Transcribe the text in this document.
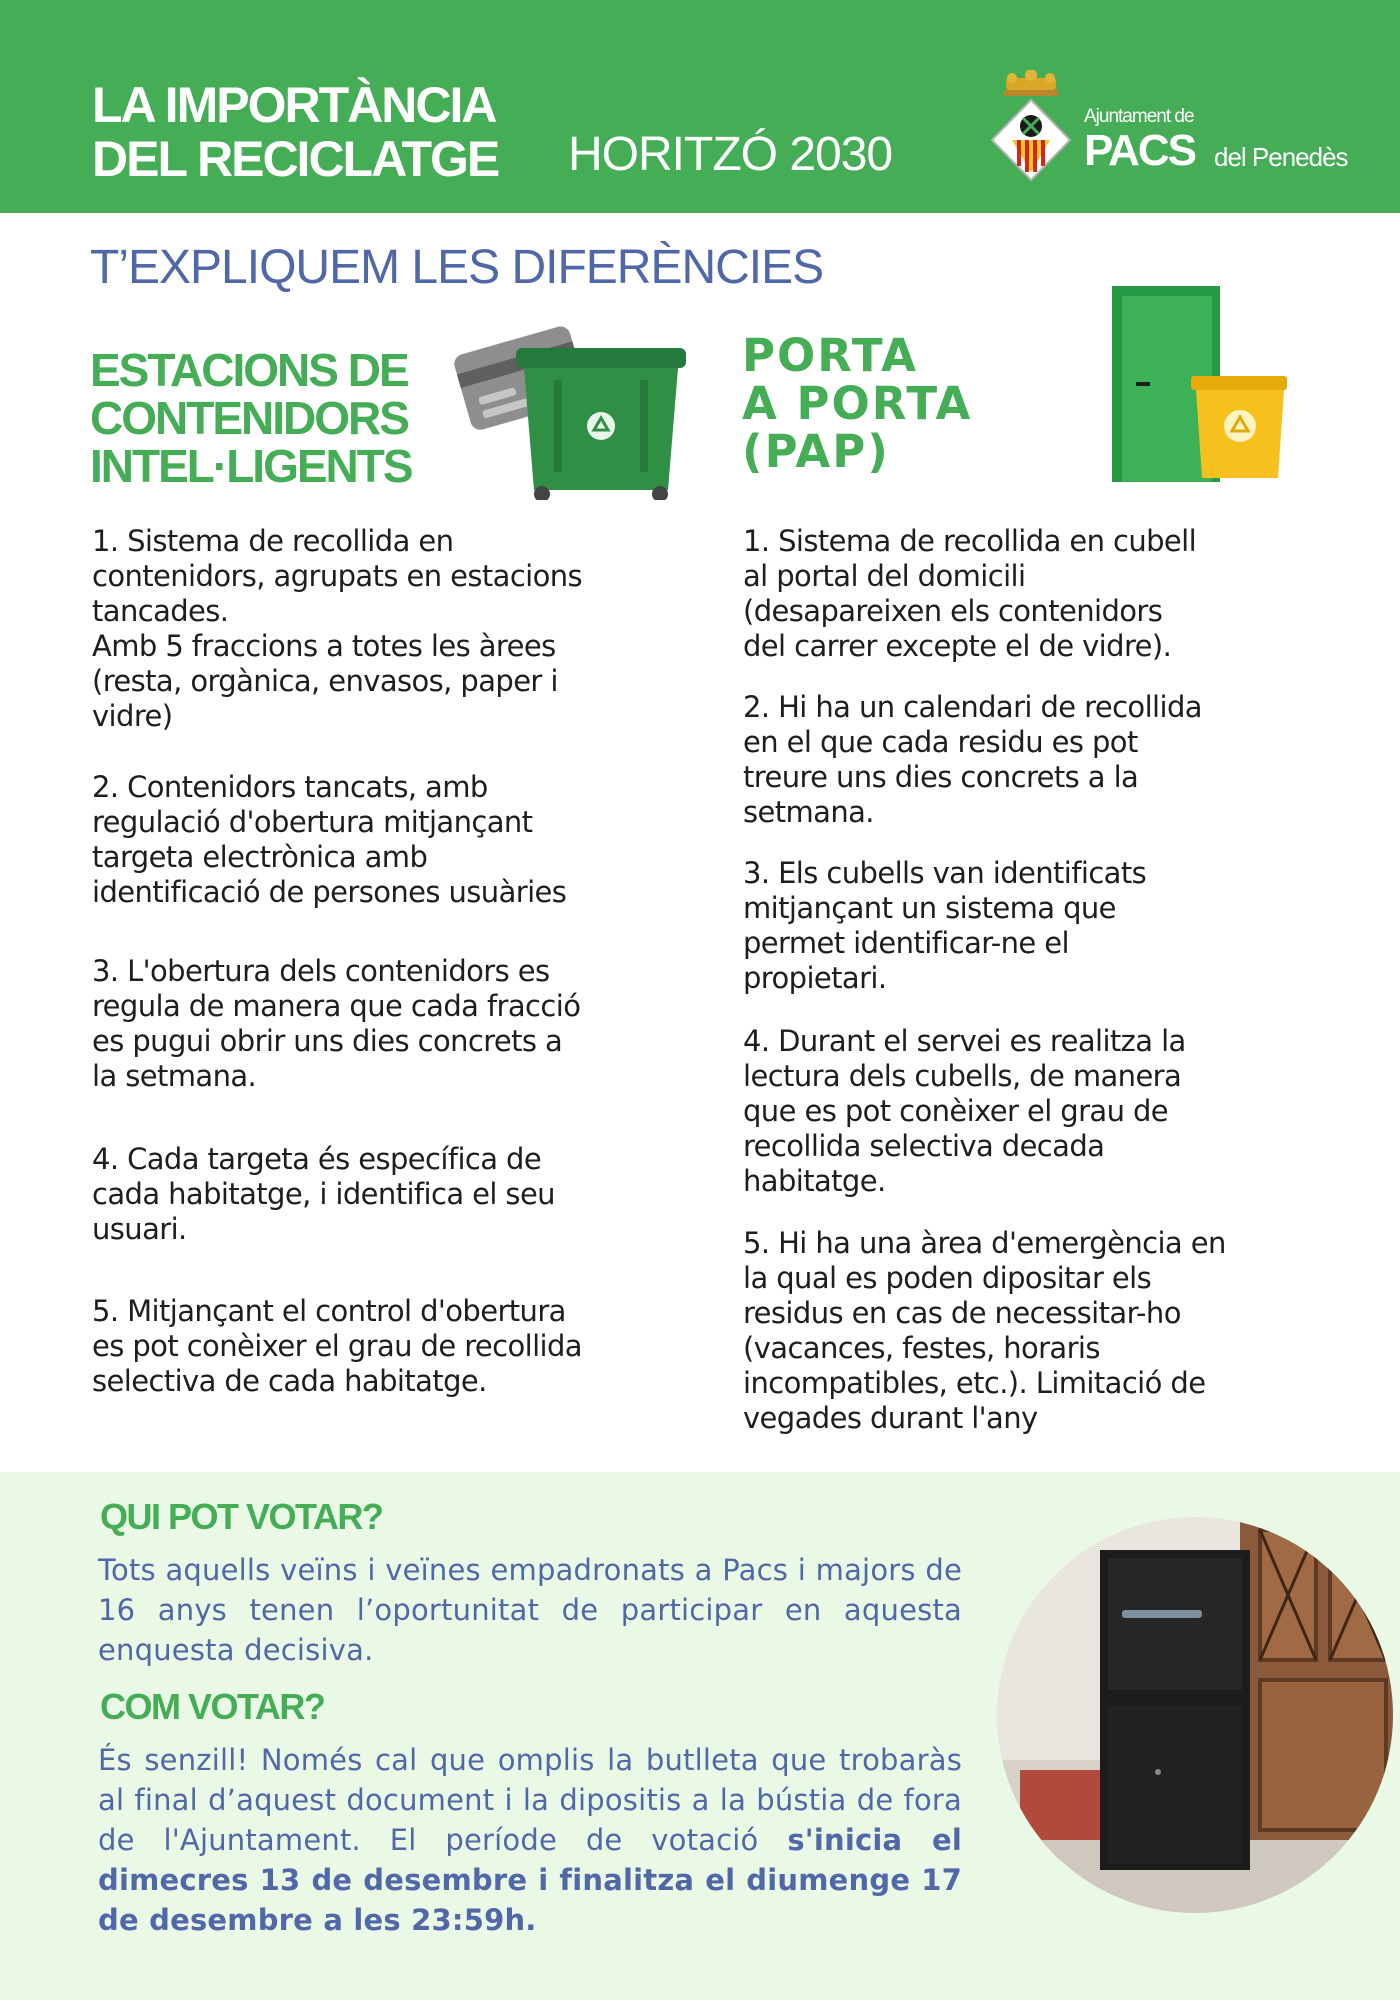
LA IMPORTÀNCIA
DEL RECICLATGE HORITZÓ 2030
Ajuntament de
PACS del Penedès
T’EXPLIQUEM LES DIFERÈNCIES
ESTACIONS DE
CONTENIDORS
INTEL·LIGENTS
PORTA
A PORTA
(PAP)

1. Sistema de recollida en
contenidors, agrupats en estacions
tancades.
Amb 5 fraccions a totes les àrees
(resta, orgànica, envasos, paper i
vidre)

2. Contenidors tancats, amb
regulació d'obertura mitjançant
targeta electrònica amb
identificació de persones usuàries

3. L'obertura dels contenidors es
regula de manera que cada fracció
es pugui obrir uns dies concrets a
la setmana.

4. Cada targeta és específica de
cada habitatge, i identifica el seu
usuari.

5. Mitjançant el control d'obertura
es pot conèixer el grau de recollida
selectiva de cada habitatge.

1. Sistema de recollida en cubell
al portal del domicili
(desapareixen els contenidors
del carrer excepte el de vidre).

2. Hi ha un calendari de recollida
en el que cada residu es pot
treure uns dies concrets a la
setmana.

3. Els cubells van identificats
mitjançant un sistema que
permet identificar-ne el
propietari.

4. Durant el servei es realitza la
lectura dels cubells, de manera
que es pot conèixer el grau de
recollida selectiva decada
habitatge.

5. Hi ha una àrea d'emergència en
la qual es poden dipositar els
residus en cas de necessitar-ho
(vacances, festes, horaris
incompatibles, etc.). Limitació de
vegades durant l'any

QUI POT VOTAR?
Tots aquells veïns i veïnes empadronats a Pacs i majors de 16 anys tenen l’oportunitat de participar en aquesta enquesta decisiva.
COM VOTAR?
És senzill! Només cal que omplis la butlleta que trobaràs al final d’aquest document i la dipositis a la bústia de fora de l'Ajuntament. El període de votació s'inicia el dimecres 13 de desembre i finalitza el diumenge 17 de desembre a les 23:59h.
